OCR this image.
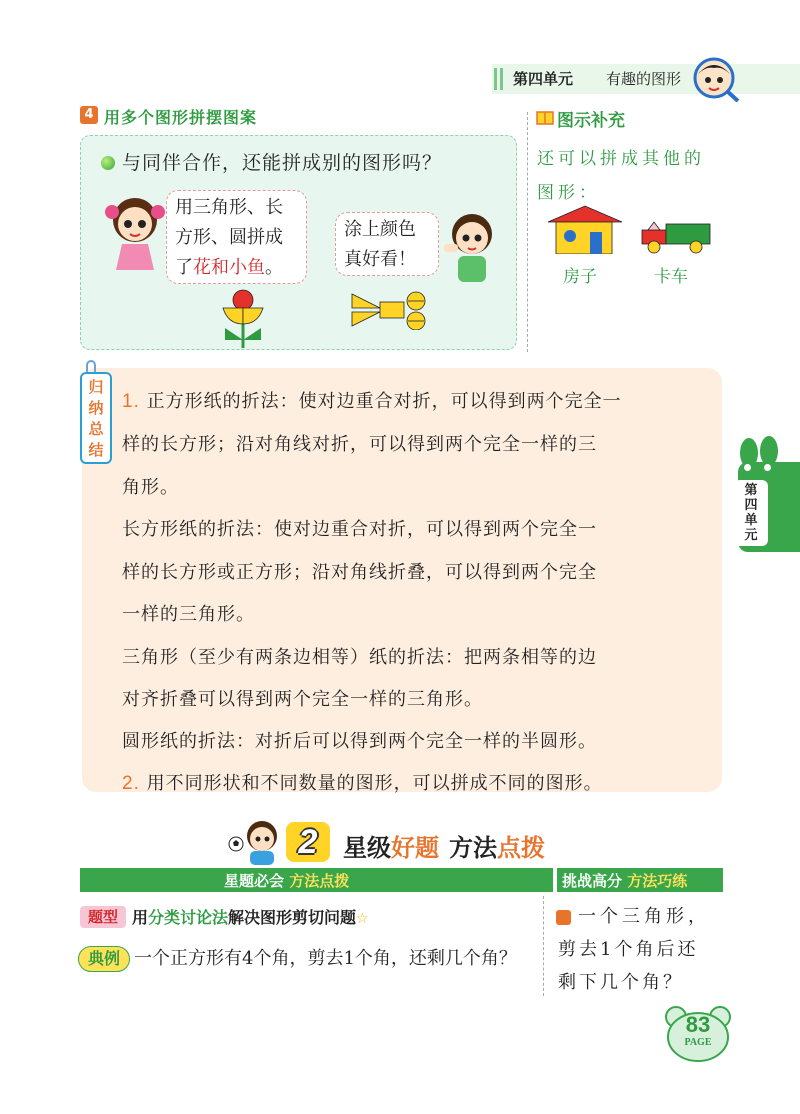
第四单元 有趣的图形
4 用多个图形拼摆图案
与同伴合作，还能拼成别的图形吗？
用三角形、长
方形、圆拼成
了花和小鱼。
涂上颜色
真好看！
图示补充
还可以拼成其他的
图形：
房子	卡车
归
纳
总
结
1. 正方形纸的折法：使对边重合对折，可以得到两个完全一
样的长方形；沿对角线对折，可以得到两个完全一样的三
角形。
长方形纸的折法：使对边重合对折，可以得到两个完全一
样的长方形或正方形；沿对角线折叠，可以得到两个完全
一样的三角形。
三角形（至少有两条边相等）纸的折法：把两条相等的边
对齐折叠可以得到两个完全一样的三角形。
圆形纸的折法：对折后可以得到两个完全一样的半圆形。
2. 用不同形状和不同数量的图形，可以拼成不同的图形。
第
四
单
元
2	星级好题 方法点拨
星题必会 方法点拨	挑战高分 方法巧练
题型 用分类讨论法解决图形剪切问题☆
典例 一个正方形有4个角，剪去1个角，还剩几个角？
一个三角形，
剪去1个角后还
剩下几个角？
83
PAGE
